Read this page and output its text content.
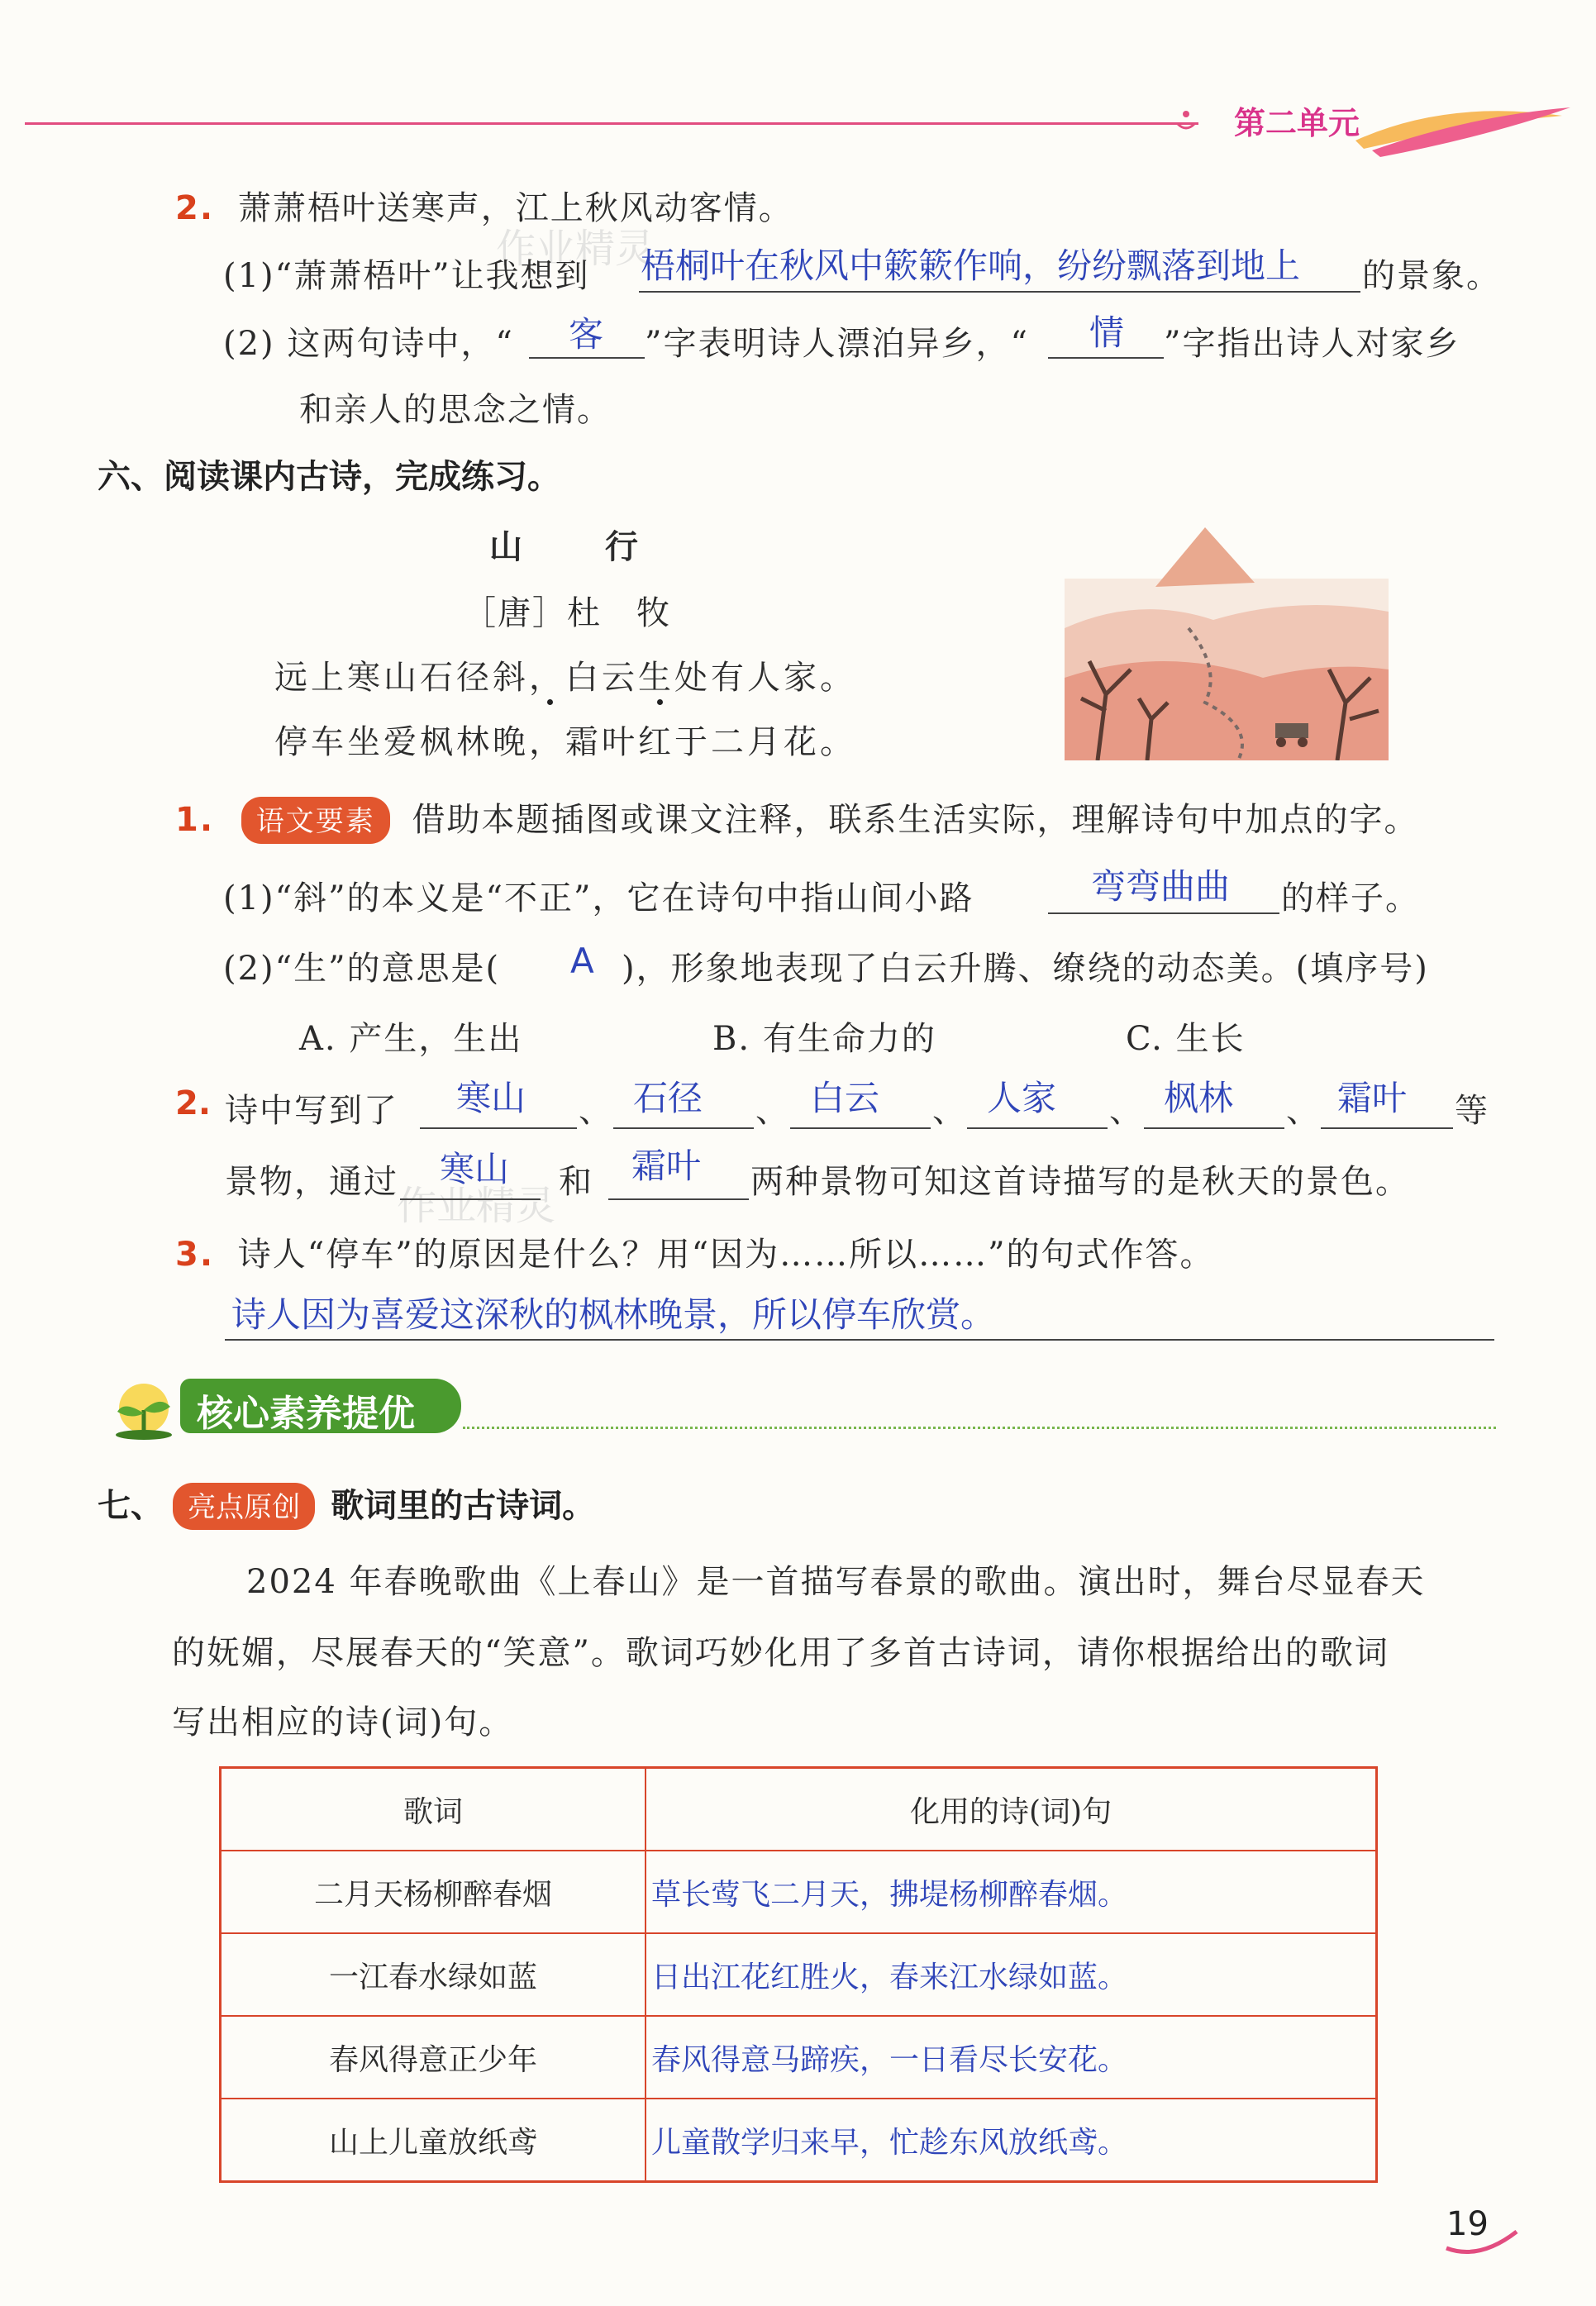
第二单元
作业精灵
作业精灵
2. 萧萧梧叶送寒声，江上秋风动客情。
(1)“萧萧梧叶”让我想到 梧桐叶在秋风中簌簌作响，纷纷飘落到地上 的景象。
(2) 这两句诗中，“ 客 ”字表明诗人漂泊异乡，“ 情 ”字指出诗人对家乡
和亲人的思念之情。
六、阅读课内古诗，完成练习。
山　行
［唐］杜　牧
远上寒山石径斜，白云生处有人家。
停车坐爱枫林晚，霜叶红于二月花。
1. 语文要素 借助本题插图或课文注释，联系生活实际，理解诗句中加点的字。
(1)“斜”的本义是“不正”，它在诗句中指山间小路	弯弯曲曲 的样子。
(2)“生”的意思是( A )，形象地表现了白云升腾、缭绕的动态美。(填序号)
A. 产生，生出	B. 有生命力的	C. 生长
2. 诗中写到了 寒山 、 石径 、 白云 、 人家 、 枫林 、 霜叶 等
景物，通过 寒山 和 霜叶 两种景物可知这首诗描写的是秋天的景色。
3. 诗人“停车”的原因是什么？用“因为……所以……”的句式作答。
诗人因为喜爱这深秋的枫林晚景，所以停车欣赏。
核心素养提优
七、 亮点原创 歌词里的古诗词。
2024 年春晚歌曲《上春山》是一首描写春景的歌曲。演出时，舞台尽显春天
的妩媚，尽展春天的“笑意”。歌词巧妙化用了多首古诗词，请你根据给出的歌词
写出相应的诗(词)句。
歌词	化用的诗(词)句
二月天杨柳醉春烟	草长莺飞二月天，拂堤杨柳醉春烟。
一江春水绿如蓝	日出江花红胜火，春来江水绿如蓝。
春风得意正少年	春风得意马蹄疾，一日看尽长安花。
山上儿童放纸鸢	儿童散学归来早，忙趁东风放纸鸢。
19
